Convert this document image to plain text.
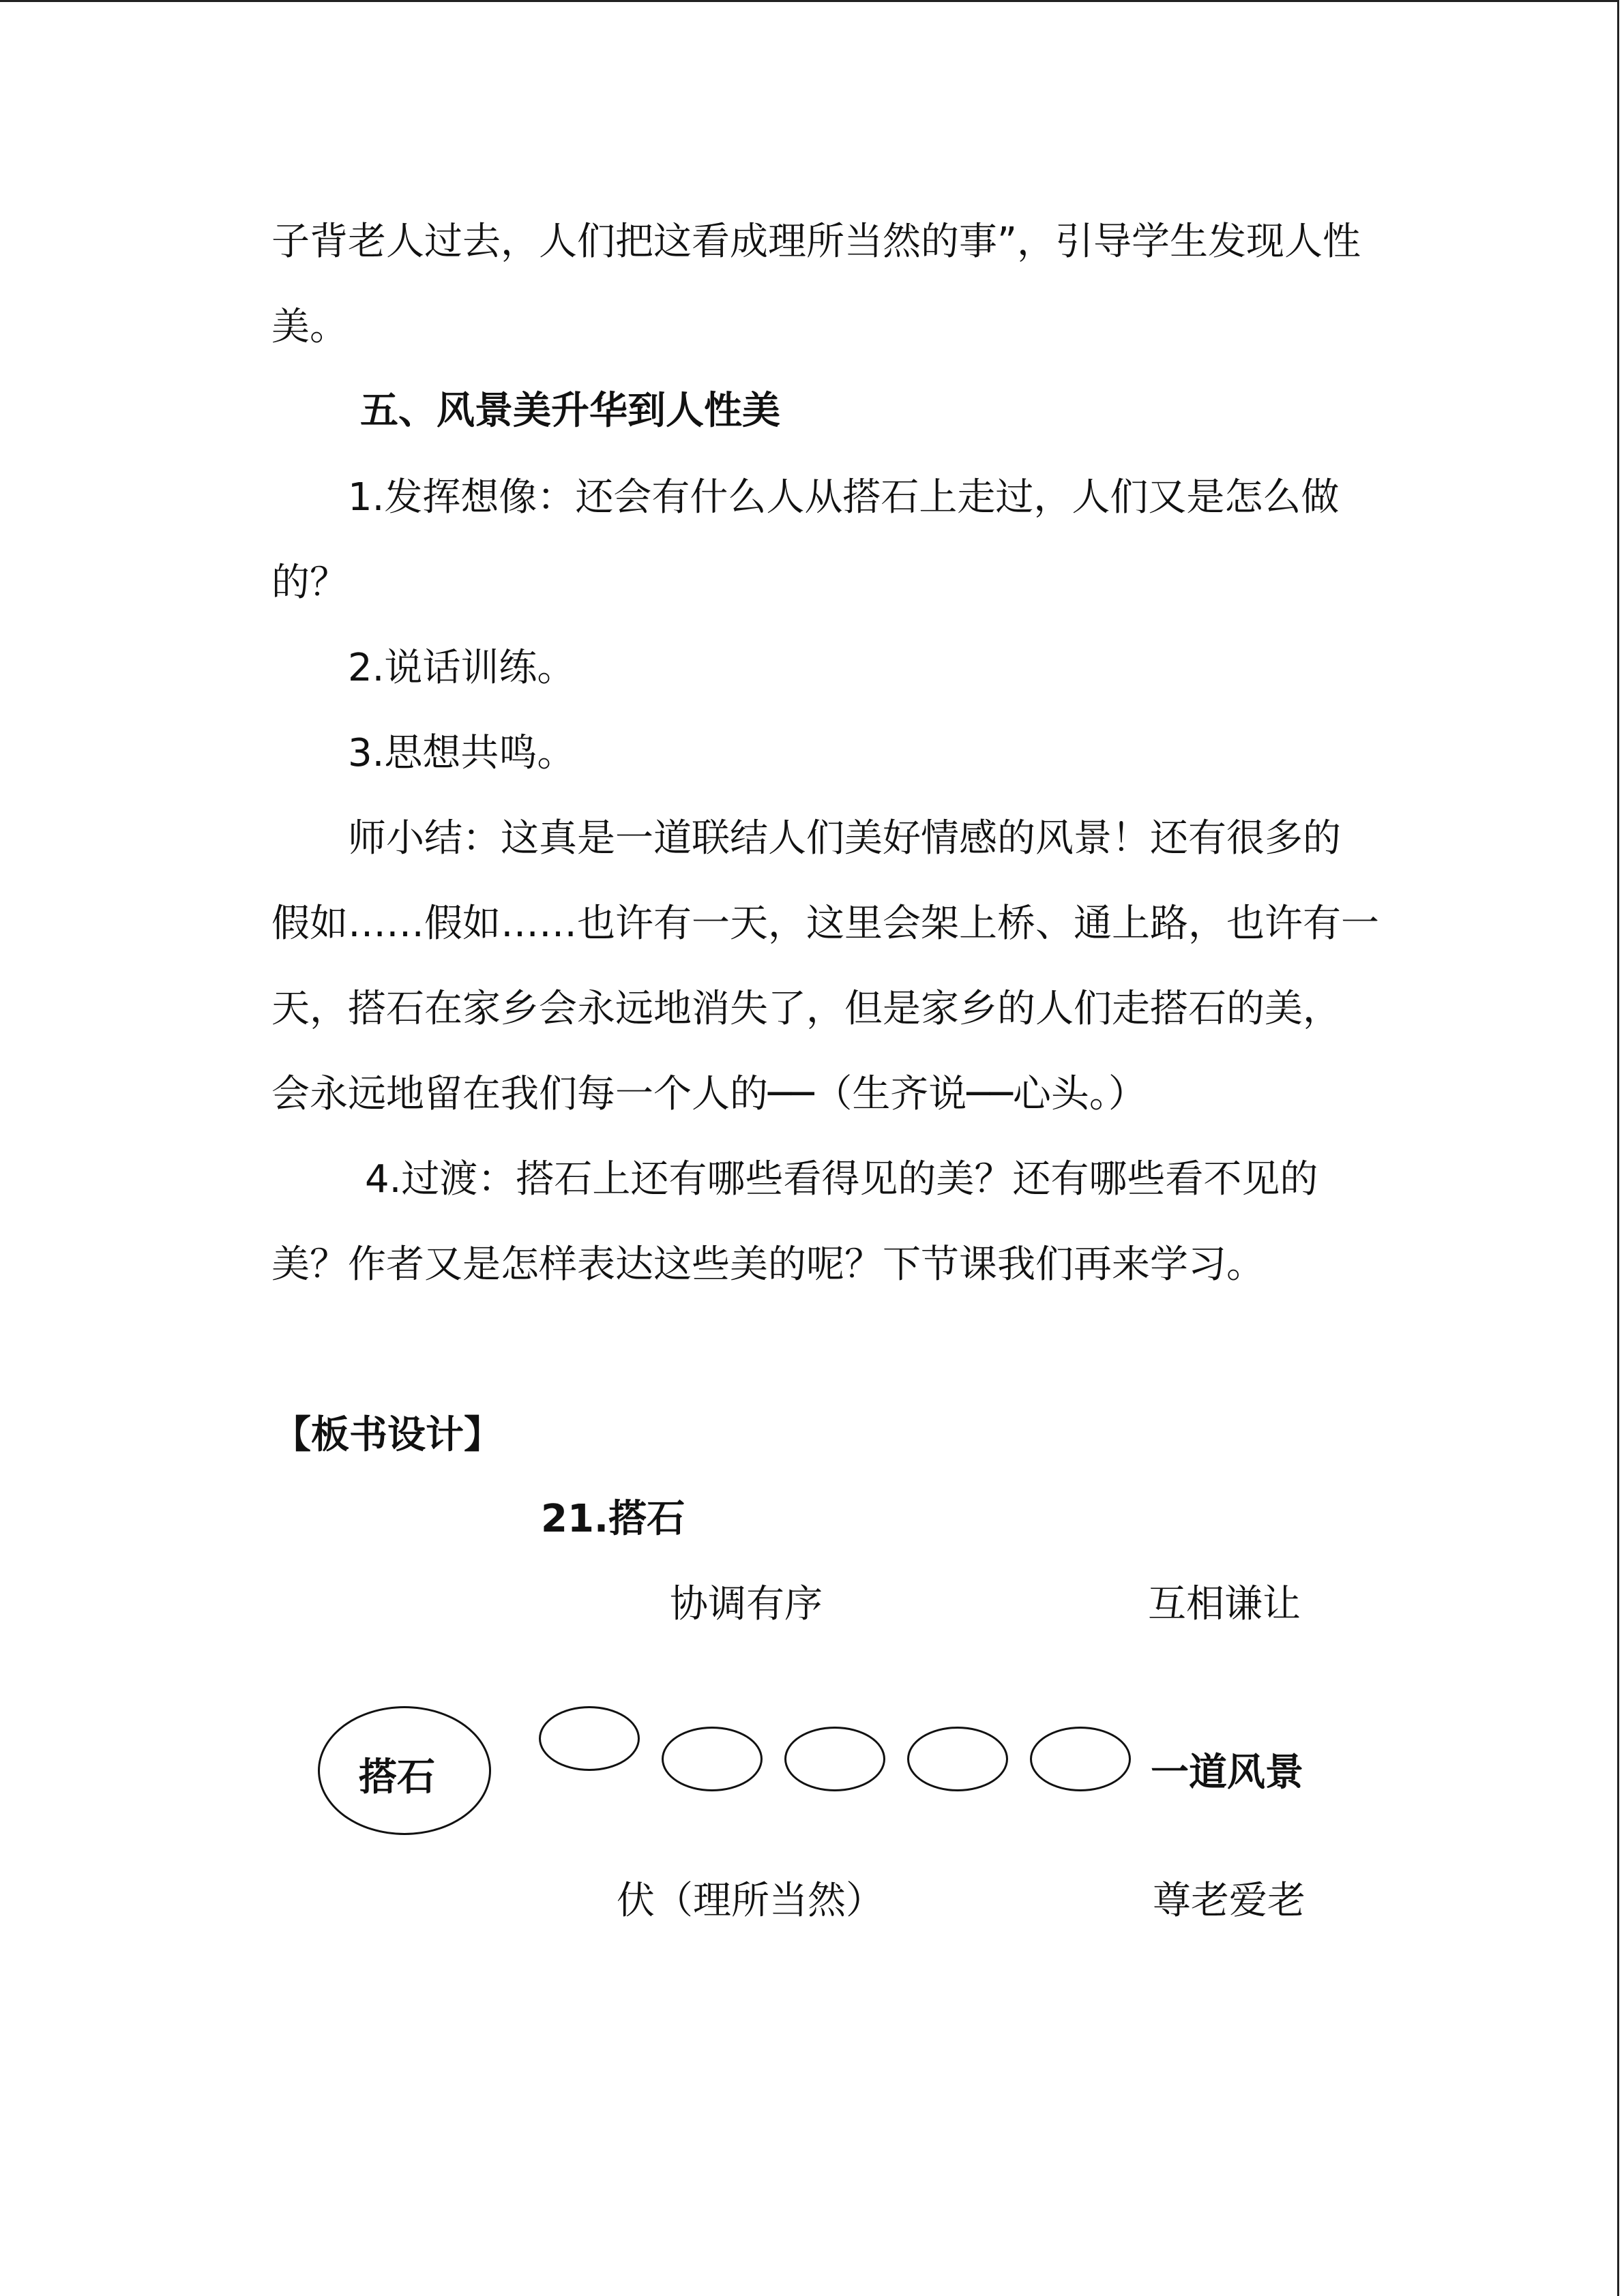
子背老人过去，人们把这看成理所当然的事”，引导学生发现人性
美。
五、风景美升华到人性美
1.发挥想像：还会有什么人从搭石上走过，人们又是怎么做
的？
2.说话训练。
3.思想共鸣。
师小结：这真是一道联结人们美好情感的风景！还有很多的
假如……假如……也许有一天，这里会架上桥、通上路，也许有一
天，搭石在家乡会永远地消失了，但是家乡的人们走搭石的美，
会永远地留在我们每一个人的──（生齐说──心头。）
4.过渡：搭石上还有哪些看得见的美？还有哪些看不见的
美？作者又是怎样表达这些美的呢？下节课我们再来学习。
【板书设计】
21.搭石
协调有序	互相谦让
搭石	一道风景
伏（理所当然）	尊老爱老
